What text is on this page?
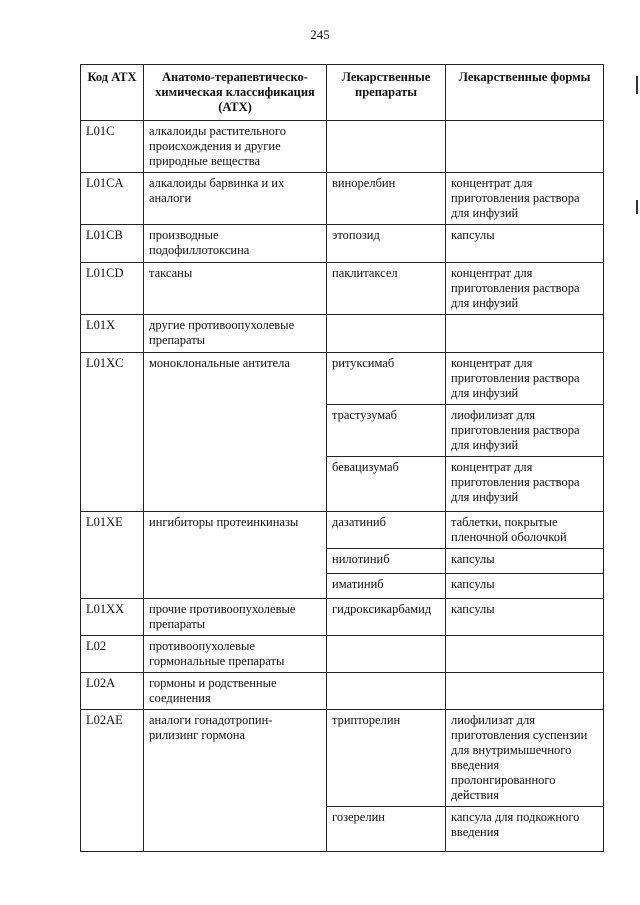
245
Код АТХ	Анатомо-терапевтическо-химическая классификация (АТХ)	Лекарственные препараты	Лекарственные формы
L01C	алкалоиды растительного происхождения и другие природные вещества		
L01CA	алкалоиды барвинка и их аналоги	винорелбин	концентрат для приготовления раствора для инфузий
L01CB	производные подофиллотоксина	этопозид	капсулы
L01CD	таксаны	паклитаксел	концентрат для приготовления раствора для инфузий
L01X	другие противоопухолевые препараты		
L01XC	моноклональные антитела	ритуксимаб	концентрат для приготовления раствора для инфузий
		трастузумаб	лиофилизат для приготовления раствора для инфузий
		бевацизумаб	концентрат для приготовления раствора для инфузий
L01XE	ингибиторы протеинкиназы	дазатиниб	таблетки, покрытые пленочной оболочкой
		нилотиниб	капсулы
		иматиниб	капсулы
L01XX	прочие противоопухолевые препараты	гидроксикарбамид	капсулы
L02	противоопухолевые гормональные препараты		
L02A	гормоны и родственные соединения		
L02AE	аналоги гонадотропин-рилизинг гормона	трипторелин	лиофилизат для приготовления суспензии для внутримышечного введения пролонгированного действия
		гозерелин	капсула для подкожного введения
